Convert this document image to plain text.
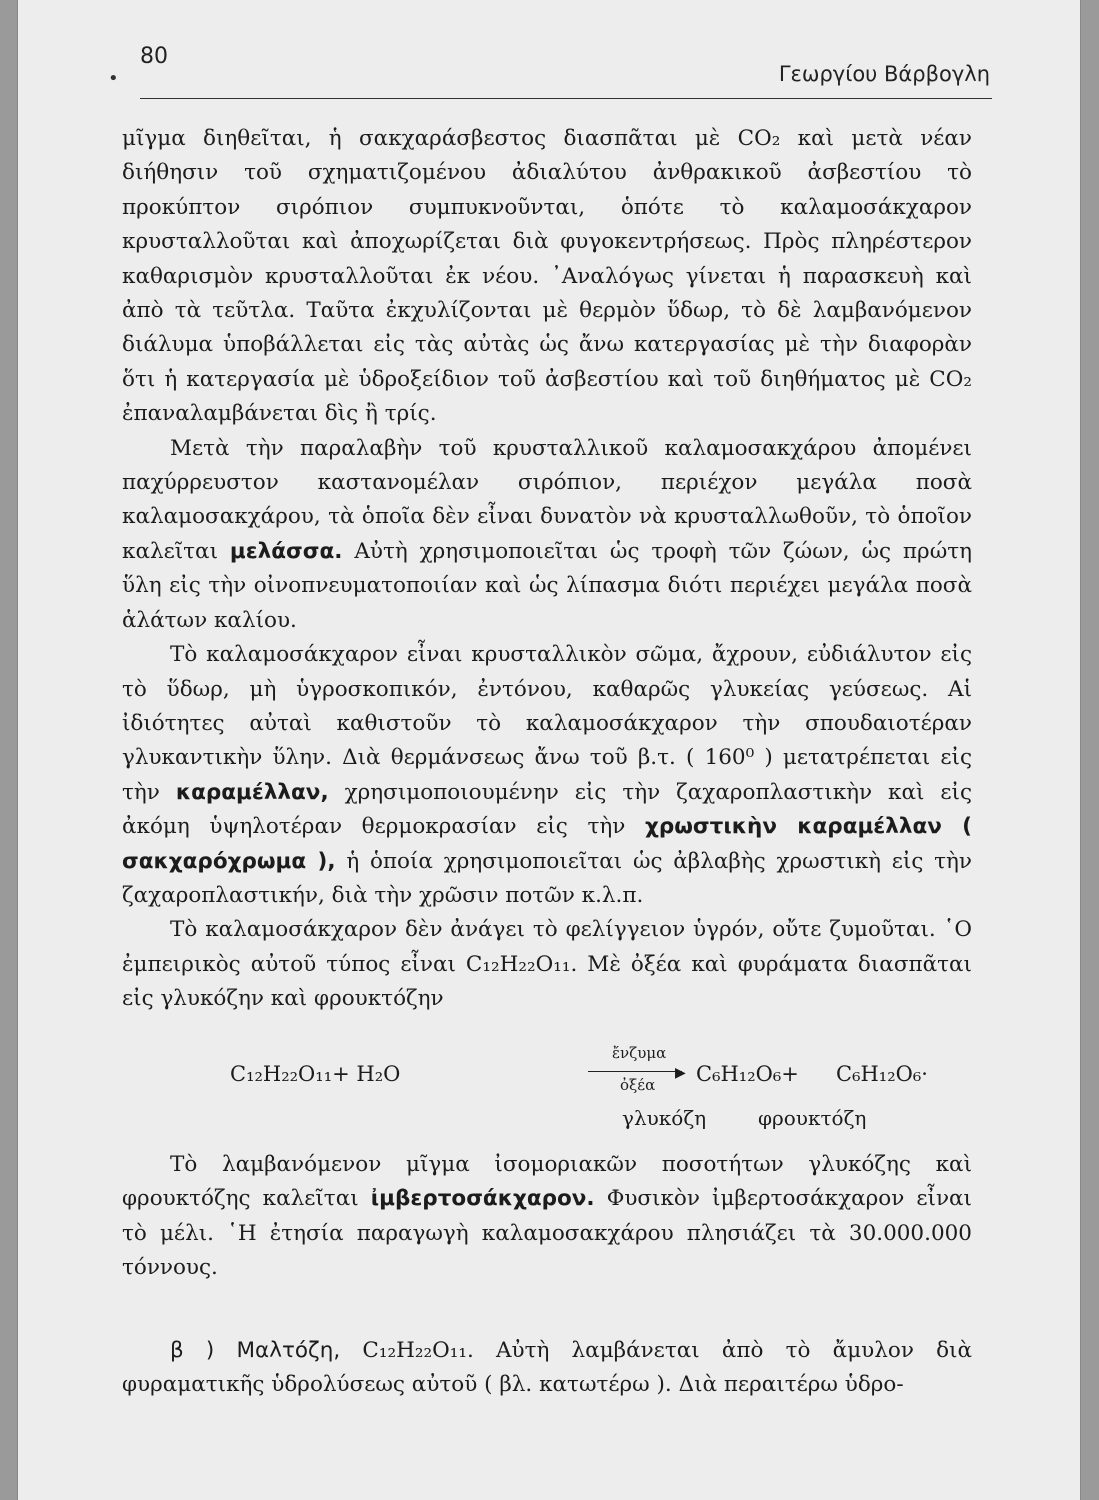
•
80
Γεωργίου Βάρβογλη

μῖγμα διηθεῖται, ἡ σακχαράσβεστος διασπᾶται μὲ CO₂ καὶ μετὰ νέαν διήθησιν τοῦ σχηματιζομένου ἀδιαλύτου ἀνθρακικοῦ ἀσβεστίου τὸ προκύπτον σιρόπιον συμπυκνοῦνται, ὁπότε τὸ καλαμοσάκχαρον κρυσταλλοῦται καὶ ἀποχωρίζεται διὰ φυγοκεντρήσεως. Πρὸς πληρέστερον καθαρισμὸν κρυσταλλοῦται ἐκ νέου. ᾿Αναλόγως γίνεται ἡ παρασκευὴ καὶ ἀπὸ τὰ τεῦτλα. Ταῦτα ἐκχυλίζονται μὲ θερμὸν ὕδωρ, τὸ δὲ λαμβανόμενον διάλυμα ὑποβάλλεται εἰς τὰς αὐτὰς ὡς ἄνω κατεργασίας μὲ τὴν διαφορὰν ὅτι ἡ κατεργασία μὲ ὑδροξείδιον τοῦ ἀσβεστίου καὶ τοῦ διηθήματος μὲ CO₂ ἐπαναλαμβάνεται δὶς ἢ τρίς.

Μετὰ τὴν παραλαβὴν τοῦ κρυσταλλικοῦ καλαμοσακχάρου ἀπομένει παχύρρευστον καστανομέλαν σιρόπιον, περιέχον μεγάλα ποσὰ καλαμοσακχάρου, τὰ ὁποῖα δὲν εἶναι δυνατὸν νὰ κρυσταλλωθοῦν, τὸ ὁποῖον καλεῖται μελάσσα. Αὐτὴ χρησιμοποιεῖται ὡς τροφὴ τῶν ζώων, ὡς πρώτη ὕλη εἰς τὴν οἰνοπνευματοποιίαν καὶ ὡς λίπασμα διότι περιέχει μεγάλα ποσὰ ἁλάτων καλίου.

Τὸ καλαμοσάκχαρον εἶναι κρυσταλλικὸν σῶμα, ἄχρουν, εὐδιάλυτον εἰς τὸ ὕδωρ, μὴ ὑγροσκοπικόν, ἐντόνου, καθαρῶς γλυκείας γεύσεως. Αἱ ἰδιότητες αὐταὶ καθιστοῦν τὸ καλαμοσάκχαρον τὴν σπουδαιοτέραν γλυκαντικὴν ὕλην. Διὰ θερμάνσεως ἄνω τοῦ β.τ. ( 160⁰ ) μετατρέπεται εἰς τὴν καραμέλλαν, χρησιμοποιουμένην εἰς τὴν ζαχαροπλαστικὴν καὶ εἰς ἀκόμη ὑψηλοτέραν θερμοκρασίαν εἰς τὴν χρωστικὴν καραμέλλαν ( σακχαρόχρωμα ), ἡ ὁποία χρησιμοποιεῖται ὡς ἀβλαβὴς χρωστικὴ εἰς τὴν ζαχαροπλαστικήν, διὰ τὴν χρῶσιν ποτῶν κ.λ.π.

Τὸ καλαμοσάκχαρον δὲν ἀνάγει τὸ φελίγγειον ὑγρόν, οὔτε ζυμοῦται. ῾Ο ἐμπειρικὸς αὐτοῦ τύπος εἶναι C₁₂H₂₂O₁₁. Μὲ ὀξέα καὶ φυράματα διασπᾶται εἰς γλυκόζην καὶ φρουκτόζην

C₁₂H₂₂O₁₁+ H₂O
ἔνζυμα
▶
ὀξέα C₆H₁₂O₆+ C₆H₁₂O₆·
γλυκόζη	φρουκτόζη

Τὸ λαμβανόμενον μῖγμα ἰσομοριακῶν ποσοτήτων γλυκόζης καὶ φρουκτόζης καλεῖται ἰμβερτοσάκχαρον. Φυσικὸν ἰμβερτοσάκχαρον εἶναι τὸ μέλι. ῾Η ἐτησία παραγωγὴ καλαμοσακχάρου πλησιάζει τὰ 30.000.000 τόννους.

β ) Μαλτόζη, C₁₂H₂₂O₁₁. Αὐτὴ λαμβάνεται ἀπὸ τὸ ἄμυλον διὰ φυραματικῆς ὑδρολύσεως αὐτοῦ ( βλ. κατωτέρω ). Διὰ περαιτέρω ὑδρο-
